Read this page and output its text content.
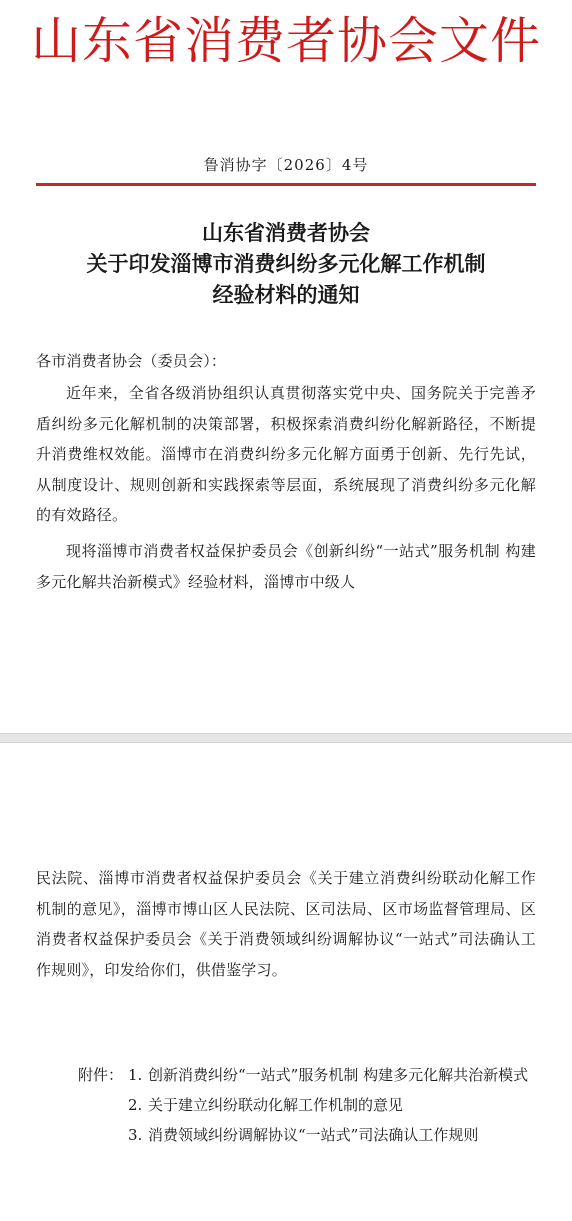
山东省消费者协会文件
鲁消协字〔2026〕4号
山东省消费者协会
关于印发淄博市消费纠纷多元化解工作机制
经验材料的通知
各市消费者协会（委员会）：
近年来，全省各级消协组织认真贯彻落实党中央、国务院关于完善矛盾纠纷多元化解机制的决策部署，积极探索消费纠纷化解新路径，不断提升消费维权效能。淄博市在消费纠纷多元化解方面勇于创新、先行先试，从制度设计、规则创新和实践探索等层面，系统展现了消费纠纷多元化解的有效路径。
现将淄博市消费者权益保护委员会《创新纠纷“一站式”服务机制 构建多元化解共治新模式》经验材料，淄博市中级人
民法院、淄博市消费者权益保护委员会《关于建立消费纠纷联动化解工作机制的意见》，淄博市博山区人民法院、区司法局、区市场监督管理局、区消费者权益保护委员会《关于消费领域纠纷调解协议“一站式”司法确认工作规则》，印发给你们，供借鉴学习。
附件： 1. 创新消费纠纷“一站式”服务机制 构建多元化解共治新模式
2. 关于建立纠纷联动化解工作机制的意见
3. 消费领域纠纷调解协议“一站式”司法确认工作规则
